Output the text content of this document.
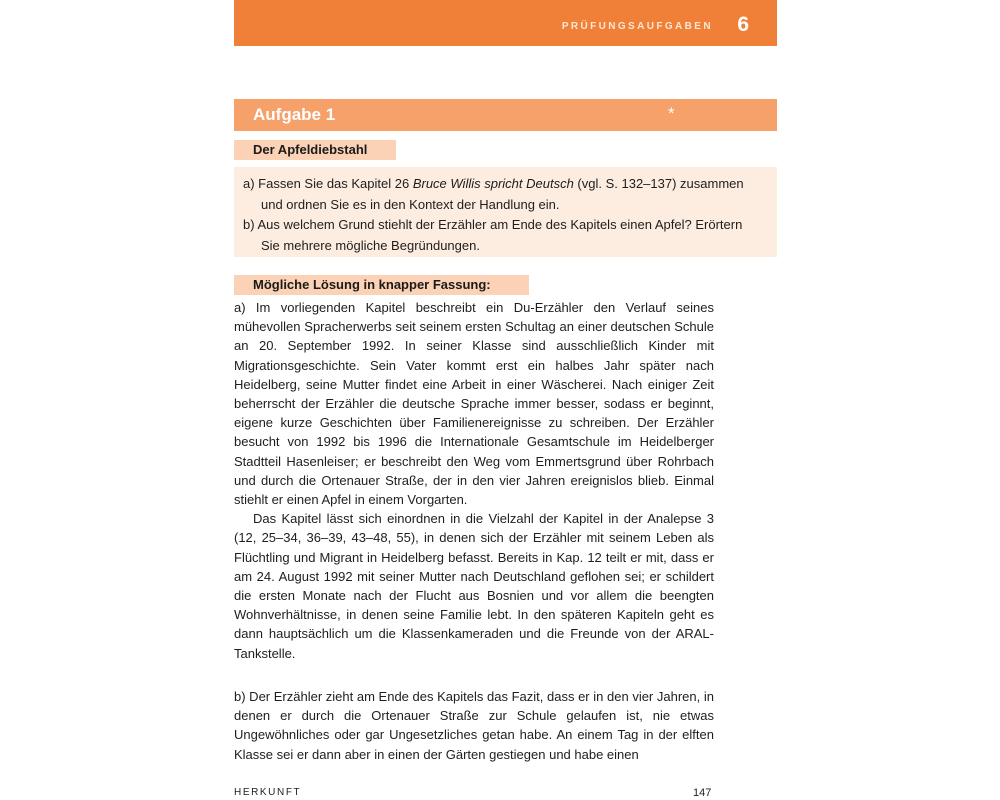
PRÜFUNGSAUFGABEN 6
Aufgabe 1	*
Der Apfeldiebstahl
a) Fassen Sie das Kapitel 26 Bruce Willis spricht Deutsch (vgl. S. 132–137) zusammen und ordnen Sie es in den Kontext der Handlung ein.
b) Aus welchem Grund stiehlt der Erzähler am Ende des Kapitels einen Apfel? Erörtern Sie mehrere mögliche Begründungen.
Mögliche Lösung in knapper Fassung:

a) Im vorliegenden Kapitel beschreibt ein Du-Erzähler den Verlauf seines mühevollen Spracherwerbs seit seinem ersten Schultag an einer deutschen Schule an 20. September 1992. In seiner Klasse sind ausschließlich Kinder mit Migrationsgeschichte. Sein Vater kommt erst ein halbes Jahr später nach Heidelberg, seine Mutter findet eine Arbeit in einer Wäscherei. Nach einiger Zeit beherrscht der Erzähler die deutsche Sprache immer besser, sodass er beginnt, eigene kurze Geschichten über Familienereignisse zu schreiben. Der Erzähler besucht von 1992 bis 1996 die Internationale Gesamtschule im Heidelberger Stadtteil Hasenleiser; er beschreibt den Weg vom Emmertsgrund über Rohrbach und durch die Ortenauer Straße, der in den vier Jahren ereignislos blieb. Einmal stiehlt er einen Apfel in einem Vorgarten.

Das Kapitel lässt sich einordnen in die Vielzahl der Kapitel in der Analepse 3 (12, 25–34, 36–39, 43–48, 55), in denen sich der Erzähler mit seinem Leben als Flüchtling und Migrant in Heidelberg befasst. Bereits in Kap. 12 teilt er mit, dass er am 24. August 1992 mit seiner Mutter nach Deutschland geflohen sei; er schildert die ersten Monate nach der Flucht aus Bosnien und vor allem die beengten Wohnverhältnisse, in denen seine Familie lebt. In den späteren Kapiteln geht es dann hauptsächlich um die Klassenkameraden und die Freunde von der ARAL-Tankstelle.

b) Der Erzähler zieht am Ende des Kapitels das Fazit, dass er in den vier Jahren, in denen er durch die Ortenauer Straße zur Schule gelaufen ist, nie etwas Ungewöhnliches oder gar Ungesetzliches getan habe. An einem Tag in der elften Klasse sei er dann aber in einen der Gärten gestiegen und habe einen

HERKUNFT	147
